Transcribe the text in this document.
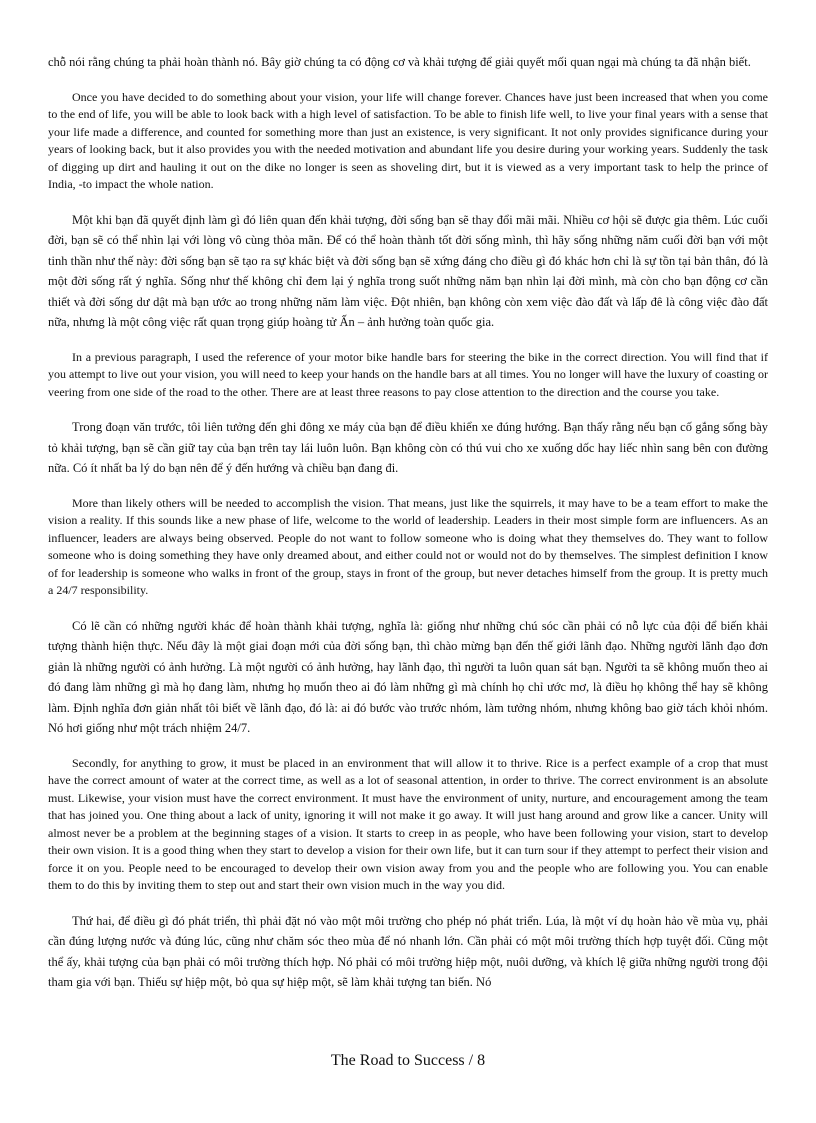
chỗ nói rằng chúng ta phải hoàn thành nó. Bây giờ chúng ta có động cơ và khải tượng để giải quyết mối quan ngại mà chúng ta đã nhận biết.

Once you have decided to do something about your vision, your life will change forever. Chances have just been increased that when you come to the end of life, you will be able to look back with a high level of satisfaction. To be able to finish life well, to live your final years with a sense that your life made a difference, and counted for something more than just an existence, is very significant. It not only provides significance during your years of looking back, but it also provides you with the needed motivation and abundant life you desire during your working years. Suddenly the task of digging up dirt and hauling it out on the dike no longer is seen as shoveling dirt, but it is viewed as a very important task to help the prince of India, -to impact the whole nation.

Một khi bạn đã quyết định làm gì đó liên quan đến khải tượng, đời sống bạn sẽ thay đổi mãi mãi. Nhiều cơ hội sẽ được gia thêm. Lúc cuối đời, bạn sẽ có thể nhìn lại với lòng vô cùng thỏa mãn. Để có thể hoàn thành tốt đời sống mình, thì hãy sống những năm cuối đời bạn với một tinh thần như thế này: đời sống bạn sẽ tạo ra sự khác biệt và đời sống bạn sẽ xứng đáng cho điều gì đó khác hơn chỉ là sự tồn tại bản thân, đó là một đời sống rất ý nghĩa. Sống như thế không chỉ đem lại ý nghĩa trong suốt những năm bạn nhìn lại đời mình, mà còn cho bạn động cơ cần thiết và đời sống dư dật mà bạn ước ao trong những năm làm việc. Đột nhiên, bạn không còn xem việc đào đất và lấp đê là công việc đào đất nữa, nhưng là một công việc rất quan trọng giúp hoàng tử Ấn – ảnh hưởng toàn quốc gia.

In a previous paragraph, I used the reference of your motor bike handle bars for steering the bike in the correct direction. You will find that if you attempt to live out your vision, you will need to keep your hands on the handle bars at all times. You no longer will have the luxury of coasting or veering from one side of the road to the other. There are at least three reasons to pay close attention to the direction and the course you take.

Trong đoạn văn trước, tôi liên tưởng đến ghi đông xe máy của bạn để điều khiển xe đúng hướng. Bạn thấy rằng nếu bạn cố gắng sống bày tỏ khải tượng, bạn sẽ cần giữ tay của bạn trên tay lái luôn luôn. Bạn không còn có thú vui cho xe xuống dốc hay liếc nhìn sang bên con đường nữa. Có ít nhất ba lý do bạn nên để ý đến hướng và chiều bạn đang đi.

More than likely others will be needed to accomplish the vision. That means, just like the squirrels, it may have to be a team effort to make the vision a reality. If this sounds like a new phase of life, welcome to the world of leadership. Leaders in their most simple form are influencers. As an influencer, leaders are always being observed. People do not want to follow someone who is doing what they themselves do. They want to follow someone who is doing something they have only dreamed about, and either could not or would not do by themselves. The simplest definition I know of for leadership is someone who walks in front of the group, stays in front of the group, but never detaches himself from the group. It is pretty much a 24/7 responsibility.

Có lẽ cần có những người khác để hoàn thành khải tượng, nghĩa là: giống như những chú sóc cần phải có nỗ lực của đội để biến khải tượng thành hiện thực. Nếu đây là một giai đoạn mới của đời sống bạn, thì chào mừng bạn đến thế giới lãnh đạo. Những người lãnh đạo đơn giản là những người có ảnh hưởng. Là một người có ảnh hưởng, hay lãnh đạo, thì người ta luôn quan sát bạn. Người ta sẽ không muốn theo ai đó đang làm những gì mà họ đang làm, nhưng họ muốn theo ai đó làm những gì mà chính họ chỉ ước mơ, là điều họ không thể hay sẽ không làm. Định nghĩa đơn giản nhất tôi biết về lãnh đạo, đó là: ai đó bước vào trước nhóm, làm tưởng nhóm, nhưng không bao giờ tách khỏi nhóm. Nó hơi giống như một trách nhiệm 24/7.

Secondly, for anything to grow, it must be placed in an environment that will allow it to thrive. Rice is a perfect example of a crop that must have the correct amount of water at the correct time, as well as a lot of seasonal attention, in order to thrive. The correct environment is an absolute must. Likewise, your vision must have the correct environment. It must have the environment of unity, nurture, and encouragement among the team that has joined you. One thing about a lack of unity, ignoring it will not make it go away. It will just hang around and grow like a cancer. Unity will almost never be a problem at the beginning stages of a vision. It starts to creep in as people, who have been following your vision, start to develop their own vision. It is a good thing when they start to develop a vision for their own life, but it can turn sour if they attempt to perfect their vision and force it on you. People need to be encouraged to develop their own vision away from you and the people who are following you. You can enable them to do this by inviting them to step out and start their own vision much in the way you did.

Thứ hai, để điều gì đó phát triển, thì phải đặt nó vào một môi trường cho phép nó phát triển. Lúa, là một ví dụ hoàn hảo về mùa vụ, phải cần đúng lượng nước và đúng lúc, cũng như chăm sóc theo mùa để nó nhanh lớn. Cần phải có một môi trường thích hợp tuyệt đối. Cũng một thể ấy, khải tượng của bạn phải có môi trường thích hợp. Nó phải có môi trường hiệp một, nuôi dưỡng, và khích lệ giữa những người trong đội tham gia với bạn. Thiếu sự hiệp một, bỏ qua sự hiệp một, sẽ làm khải tượng tan biến. Nó

The Road to Success / 8
